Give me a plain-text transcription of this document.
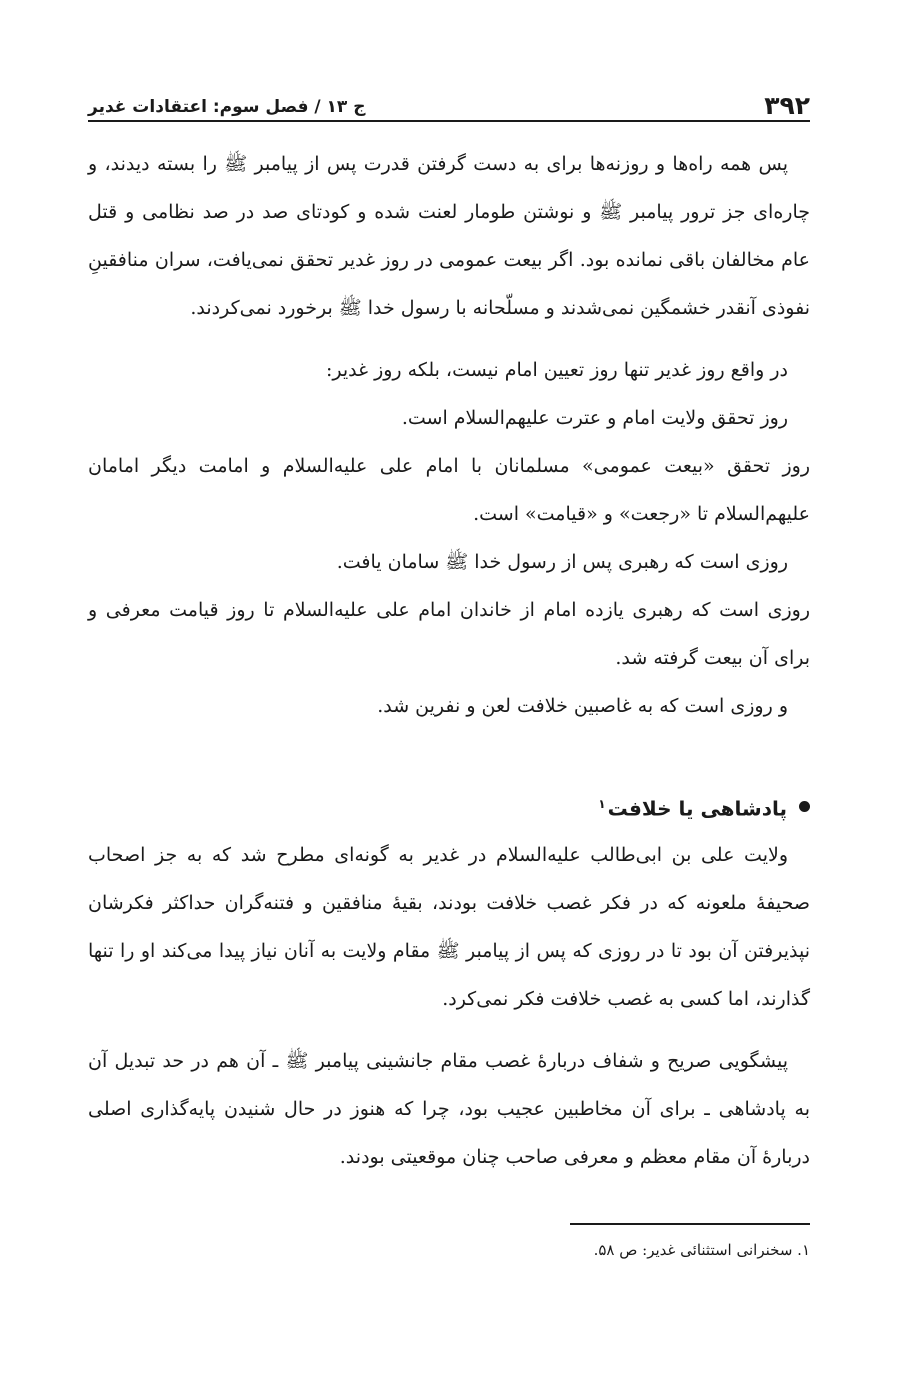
۳۹۲
ج ۱۳ / فصل سوم: اعتقادات غدیر

پس همه راه‌ها و روزنه‌ها برای به دست گرفتن قدرت پس از پیامبر ﷺ را بسته دیدند، و چاره‌ای جز ترور پیامبر ﷺ و نوشتن طومار لعنت شده و کودتای صد در صد نظامی و قتل عام مخالفان باقی نمانده بود. اگر بیعت عمومی در روز غدیر تحقق نمی‌یافت، سران منافقینِ نفوذی آنقدر خشمگین نمی‌شدند و مسلّحانه با رسول خدا ﷺ برخورد نمی‌کردند.

در واقع روز غدیر تنها روز تعیین امام نیست، بلکه روز غدیر:

روز تحقق ولایت امام و عترت علیهم‌السلام است.

روز تحقق «بیعت عمومی» مسلمانان با امام علی علیه‌السلام و امامت دیگر امامان علیهم‌السلام تا «رجعت» و «قیامت» است.

روزی است که رهبری پس از رسول خدا ﷺ سامان یافت.

روزی است که رهبری یازده امام از خاندان امام علی علیه‌السلام تا روز قیامت معرفی و برای آن بیعت گرفته شد.

و روزی است که به غاصبین خلافت لعن و نفرین شد.

پادشاهی یا خلافت$^۱$

ولایت علی بن ابی‌طالب علیه‌السلام در غدیر به گونه‌ای مطرح شد که به جز اصحاب صحیفهٔ ملعونه که در فکر غصب خلافت بودند، بقیهٔ منافقین و فتنه‌گران حداکثر فکرشان نپذیرفتن آن بود تا در روزی که پس از پیامبر ﷺ مقام ولایت به آنان نیاز پیدا می‌کند او را تنها گذارند، اما کسی به غصب خلافت فکر نمی‌کرد.

پیشگویی صریح و شفاف دربارهٔ غصب مقام جانشینی پیامبر ﷺ ـ آن هم در حد تبدیل آن به پادشاهی ـ برای آن مخاطبین عجیب بود، چرا که هنوز در حال شنیدن پایه‌گذاری اصلی دربارهٔ آن مقام معظم و معرفی صاحب چنان موقعیتی بودند.

۱. سخنرانی استثنائی غدیر: ص ۵۸.
